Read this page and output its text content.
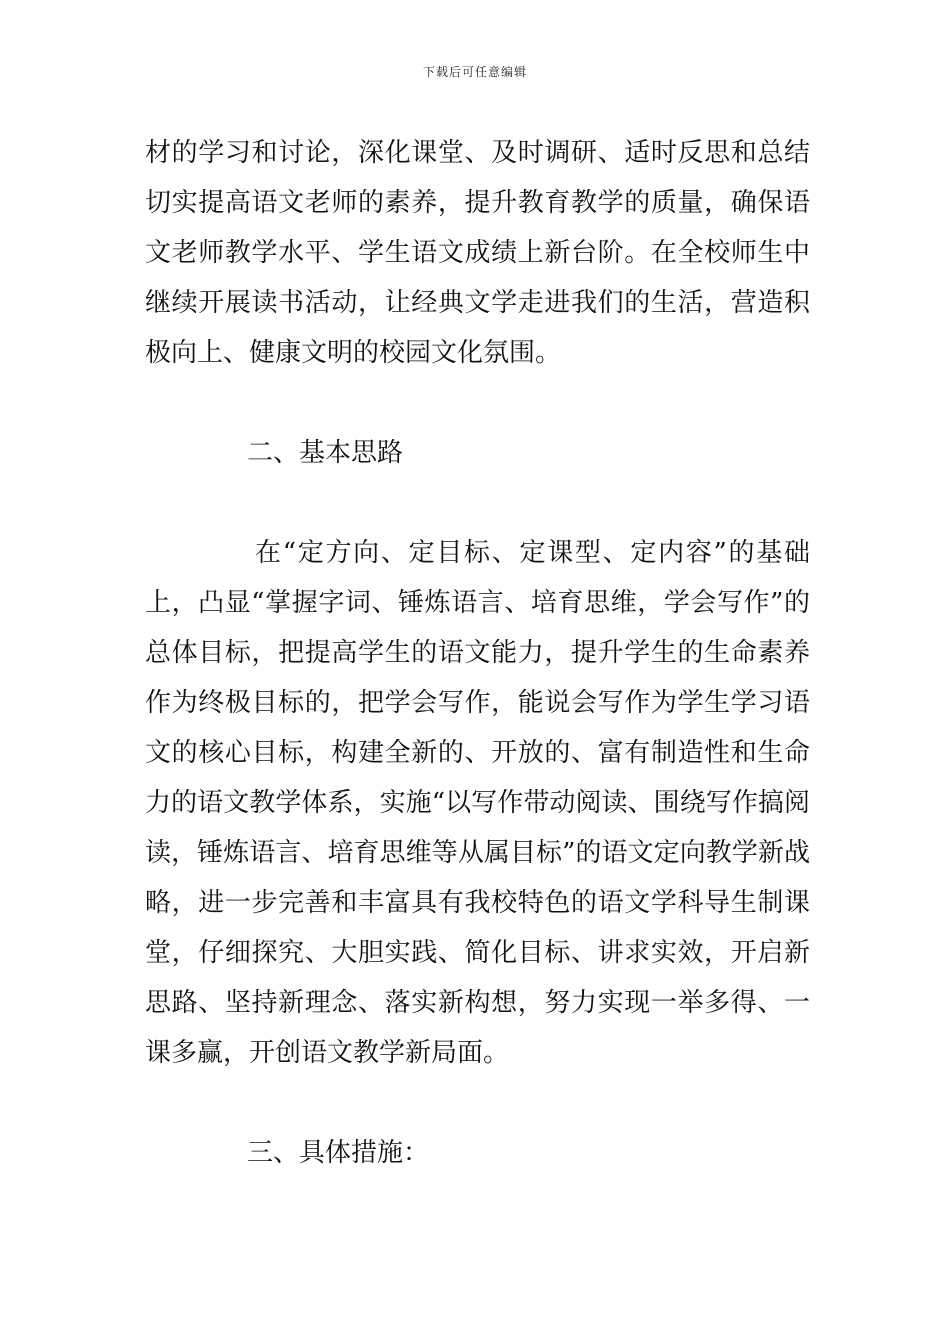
下载后可任意编辑

材的学习和讨论，深化课堂、及时调研、适时反思和总结切实提高语文老师的素养，提升教育教学的质量，确保语文老师教学水平、学生语文成绩上新台阶。在全校师生中继续开展读书活动，让经典文学走进我们的生活，营造积极向上、健康文明的校园文化氛围。

二、基本思路

在“定方向、定目标、定课型、定内容”的基础上，凸显“掌握字词、锤炼语言、培育思维，学会写作”的总体目标，把提高学生的语文能力，提升学生的生命素养作为终极目标的，把学会写作，能说会写作为学生学习语文的核心目标，构建全新的、开放的、富有制造性和生命力的语文教学体系，实施“以写作带动阅读、围绕写作搞阅读，锤炼语言、培育思维等从属目标”的语文定向教学新战略，进一步完善和丰富具有我校特色的语文学科导生制课堂，仔细探究、大胆实践、简化目标、讲求实效，开启新思路、坚持新理念、落实新构想，努力实现一举多得、一课多赢，开创语文教学新局面。

三、具体措施：
